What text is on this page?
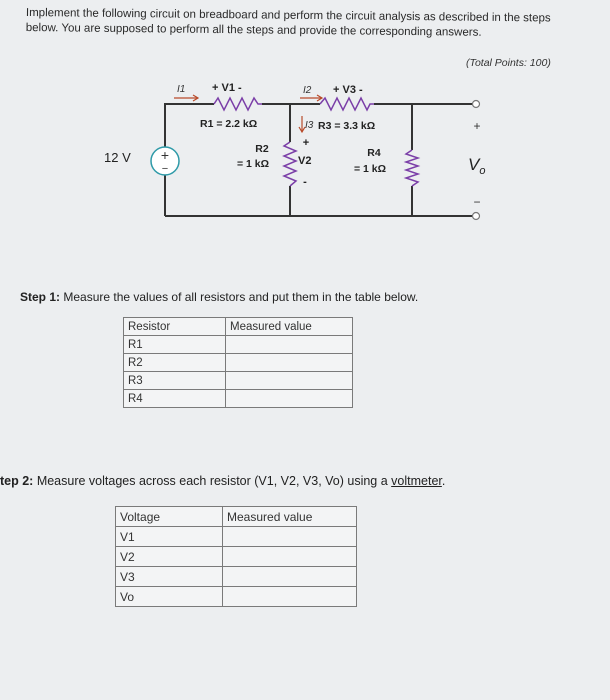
Implement the following circuit on breadboard and perform the circuit analysis as described in the steps below. You are supposed to perform all the steps and provide the corresponding answers.
(Total Points: 100)
+
−
12 V
+
−
$V_o$
I1	I2
I3
+ V1 -	+ V3 -
R1 = 2.2 kΩ	R3 = 3.3 kΩ
R2
= 1 kΩ
+
V2
-
R4
= 1 kΩ
Step 1: Measure the values of all resistors and put them in the table below.
Resistor	Measured value
R1	
R2	
R3	
R4	
tep 2: Measure voltages across each resistor (V1, V2, V3, Vo) using a voltmeter.
Voltage	Measured value
V1	
V2	
V3	
Vo	
